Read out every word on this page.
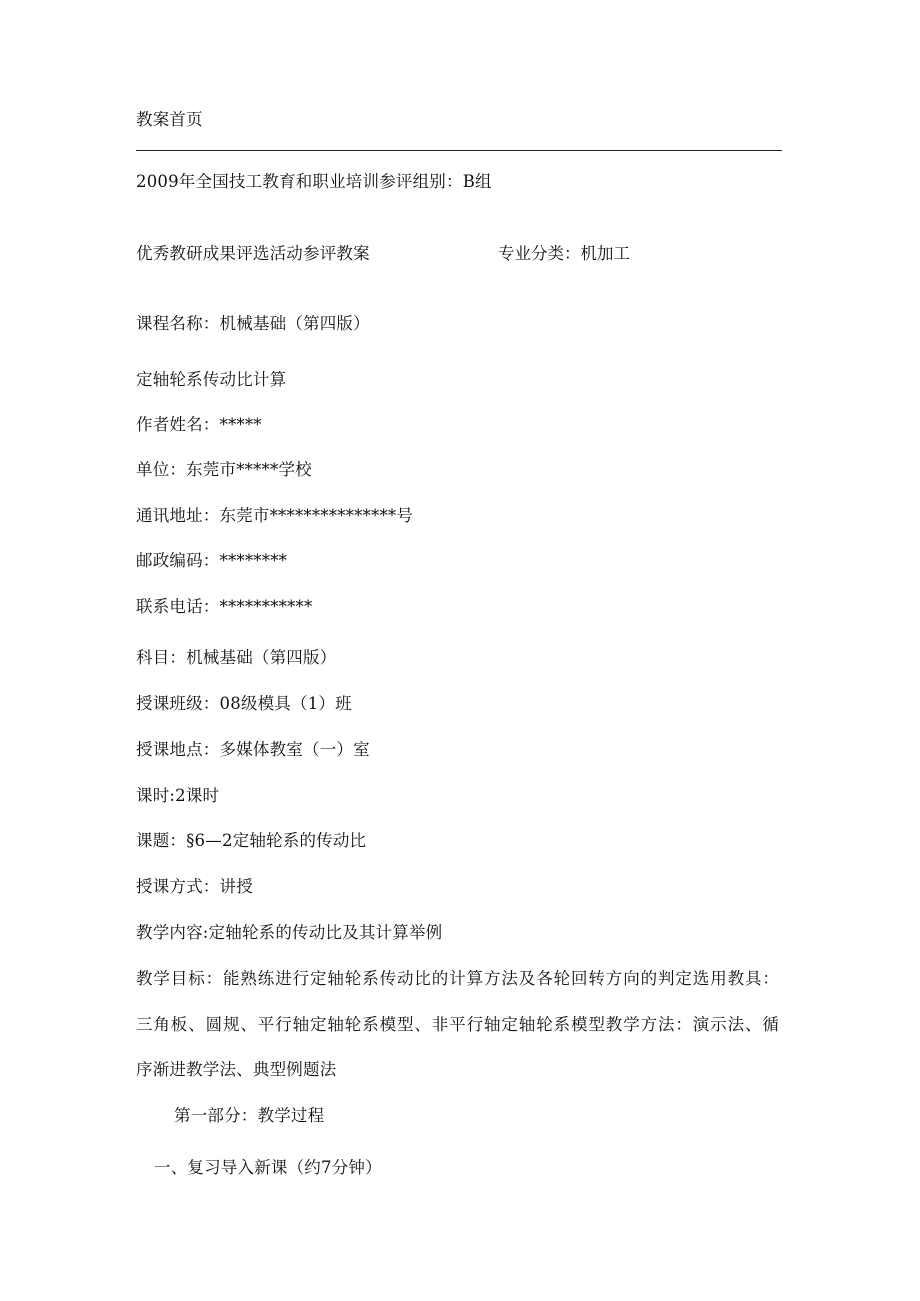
教案首页
2009年全国技工教育和职业培训参评组别：B组
优秀教研成果评选活动参评教案	专业分类：机加工
课程名称：机械基础（第四版）
定轴轮系传动比计算
作者姓名：*****
单位：东莞市*****学校
通讯地址：东莞市***************号
邮政编码：********
联系电话：***********
科目：机械基础（第四版）
授课班级：08级模具（1）班
授课地点：多媒体教室（一）室
课时:2课时
课题：§6—2定轴轮系的传动比
授课方式：讲授
教学内容:定轴轮系的传动比及其计算举例
教学目标：能熟练进行定轴轮系传动比的计算方法及各轮回转方向的判定选用教具：
三角板、圆规、平行轴定轴轮系模型、非平行轴定轴轮系模型教学方法：演示法、循
序渐进教学法、典型例题法
第一部分：教学过程
一、复习导入新课（约7分钟）
